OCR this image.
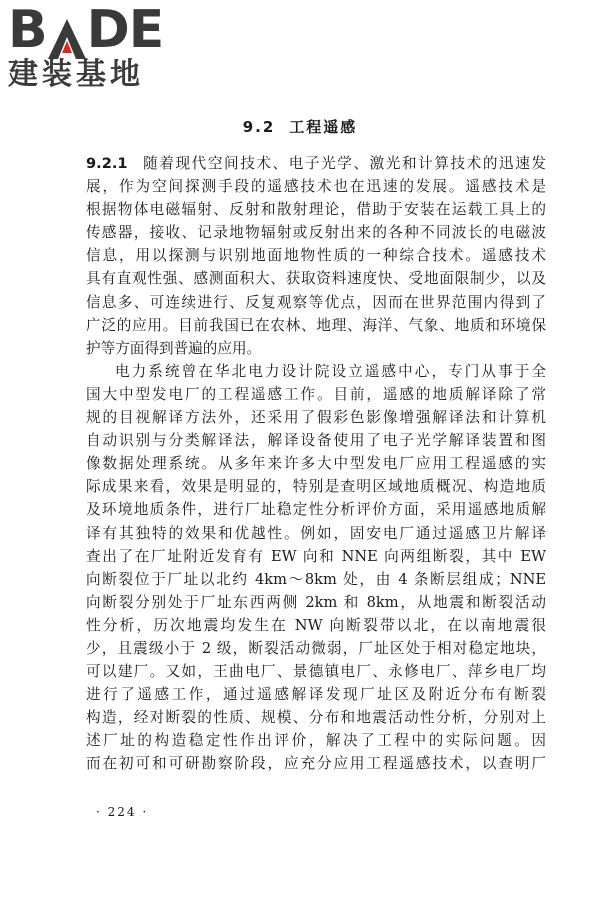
B DE
建装基地
9.2 工程遥感
9.2.1 随着现代空间技术、电子光学、激光和计算技术的迅速发
展，作为空间探测手段的遥感技术也在迅速的发展。遥感技术是
根据物体电磁辐射、反射和散射理论，借助于安装在运载工具上的
传感器，接收、记录地物辐射或反射出来的各种不同波长的电磁波
信息，用以探测与识别地面地物性质的一种综合技术。遥感技术
具有直观性强、感测面积大、获取资料速度快、受地面限制少，以及
信息多、可连续进行、反复观察等优点，因而在世界范围内得到了
广泛的应用。目前我国已在农林、地理、海洋、气象、地质和环境保
护等方面得到普遍的应用。
电力系统曾在华北电力设计院设立遥感中心，专门从事于全
国大中型发电厂的工程遥感工作。目前，遥感的地质解译除了常
规的目视解译方法外，还采用了假彩色影像增强解译法和计算机
自动识别与分类解译法，解译设备使用了电子光学解译装置和图
像数据处理系统。从多年来许多大中型发电厂应用工程遥感的实
际成果来看，效果是明显的，特别是查明区域地质概况、构造地质
及环境地质条件，进行厂址稳定性分析评价方面，采用遥感地质解
译有其独特的效果和优越性。例如，固安电厂通过遥感卫片解译
查出了在厂址附近发育有 EW 向和 NNE 向两组断裂，其中 EW
向断裂位于厂址以北约 4km～8km 处，由 4 条断层组成；NNE
向断裂分别处于厂址东西两侧 2km 和 8km，从地震和断裂活动
性分析，历次地震均发生在 NW 向断裂带以北，在以南地震很
少，且震级小于 2 级，断裂活动微弱，厂址区处于相对稳定地块，
可以建厂。又如，王曲电厂、景德镇电厂、永修电厂、萍乡电厂均
进行了遥感工作，通过遥感解译发现厂址区及附近分布有断裂
构造，经对断裂的性质、规模、分布和地震活动性分析，分别对上
述厂址的构造稳定性作出评价，解决了工程中的实际问题。因
而在初可和可研勘察阶段，应充分应用工程遥感技术，以查明厂
· 224 ·
